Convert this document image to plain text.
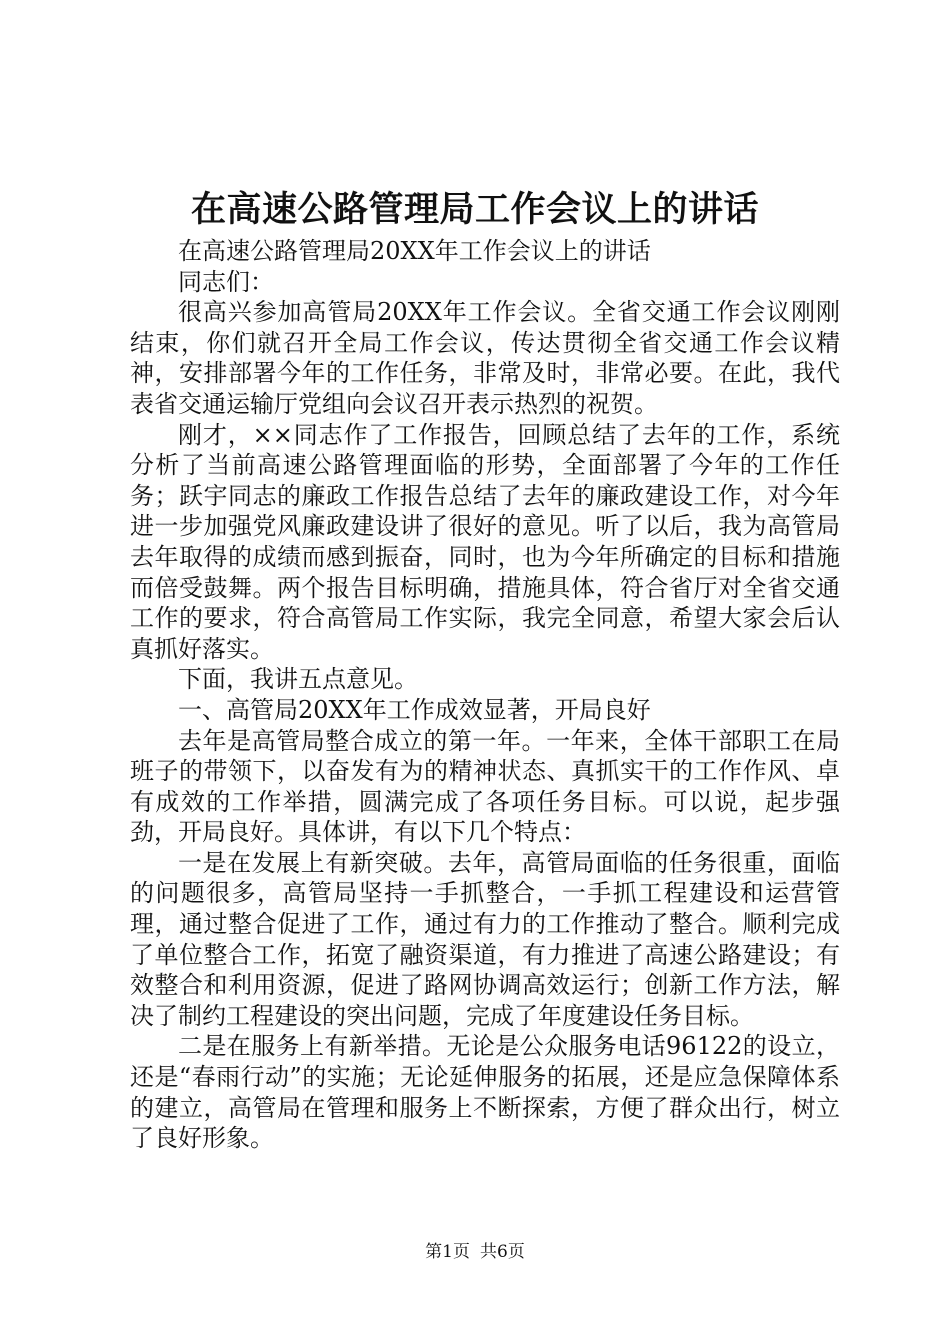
在高速公路管理局工作会议上的讲话

在高速公路管理局20XX年工作会议上的讲话

同志们：

很高兴参加高管局20XX年工作会议。全省交通工作会议刚刚结束，你们就召开全局工作会议，传达贯彻全省交通工作会议精神，安排部署今年的工作任务，非常及时，非常必要。在此，我代表省交通运输厅党组向会议召开表示热烈的祝贺。

刚才，××同志作了工作报告，回顾总结了去年的工作，系统分析了当前高速公路管理面临的形势，全面部署了今年的工作任务；跃宇同志的廉政工作报告总结了去年的廉政建设工作，对今年进一步加强党风廉政建设讲了很好的意见。听了以后，我为高管局去年取得的成绩而感到振奋，同时，也为今年所确定的目标和措施而倍受鼓舞。两个报告目标明确，措施具体，符合省厅对全省交通工作的要求，符合高管局工作实际，我完全同意，希望大家会后认真抓好落实。

下面，我讲五点意见。

一、高管局20XX年工作成效显著，开局良好

去年是高管局整合成立的第一年。一年来，全体干部职工在局班子的带领下，以奋发有为的精神状态、真抓实干的工作作风、卓有成效的工作举措，圆满完成了各项任务目标。可以说，起步强劲，开局良好。具体讲，有以下几个特点：

一是在发展上有新突破。去年，高管局面临的任务很重，面临的问题很多，高管局坚持一手抓整合，一手抓工程建设和运营管理，通过整合促进了工作，通过有力的工作推动了整合。顺利完成了单位整合工作，拓宽了融资渠道，有力推进了高速公路建设；有效整合和利用资源，促进了路网协调高效运行；创新工作方法，解决了制约工程建设的突出问题，完成了年度建设任务目标。

二是在服务上有新举措。无论是公众服务电话96122的设立，还是“春雨行动”的实施；无论延伸服务的拓展，还是应急保障体系的建立，高管局在管理和服务上不断探索，方便了群众出行，树立了良好形象。

第1页 共6页
